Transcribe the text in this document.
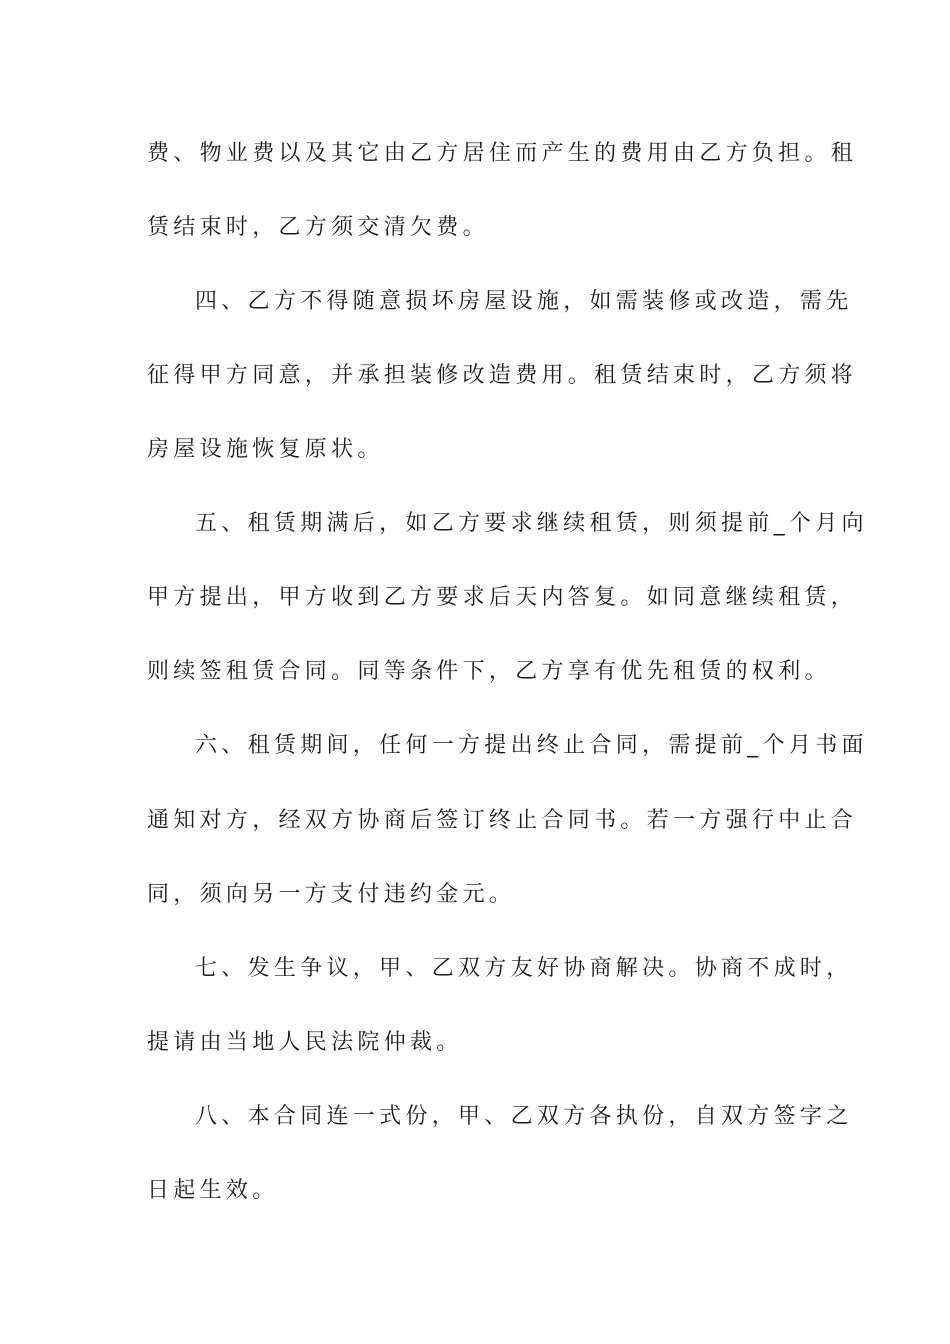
费、物业费以及其它由乙方居住而产生的费用由乙方负担。租
赁结束时，乙方须交清欠费。
四、乙方不得随意损坏房屋设施，如需装修或改造，需先
征得甲方同意，并承担装修改造费用。租赁结束时，乙方须将
房屋设施恢复原状。
五、租赁期满后，如乙方要求继续租赁，则须提前_个月向
甲方提出，甲方收到乙方要求后天内答复。如同意继续租赁，
则续签租赁合同。同等条件下，乙方享有优先租赁的权利。
六、租赁期间，任何一方提出终止合同，需提前_个月书面
通知对方，经双方协商后签订终止合同书。若一方强行中止合
同，须向另一方支付违约金元。
七、发生争议，甲、乙双方友好协商解决。协商不成时，
提请由当地人民法院仲裁。
八、本合同连一式份，甲、乙双方各执份，自双方签字之
日起生效。
